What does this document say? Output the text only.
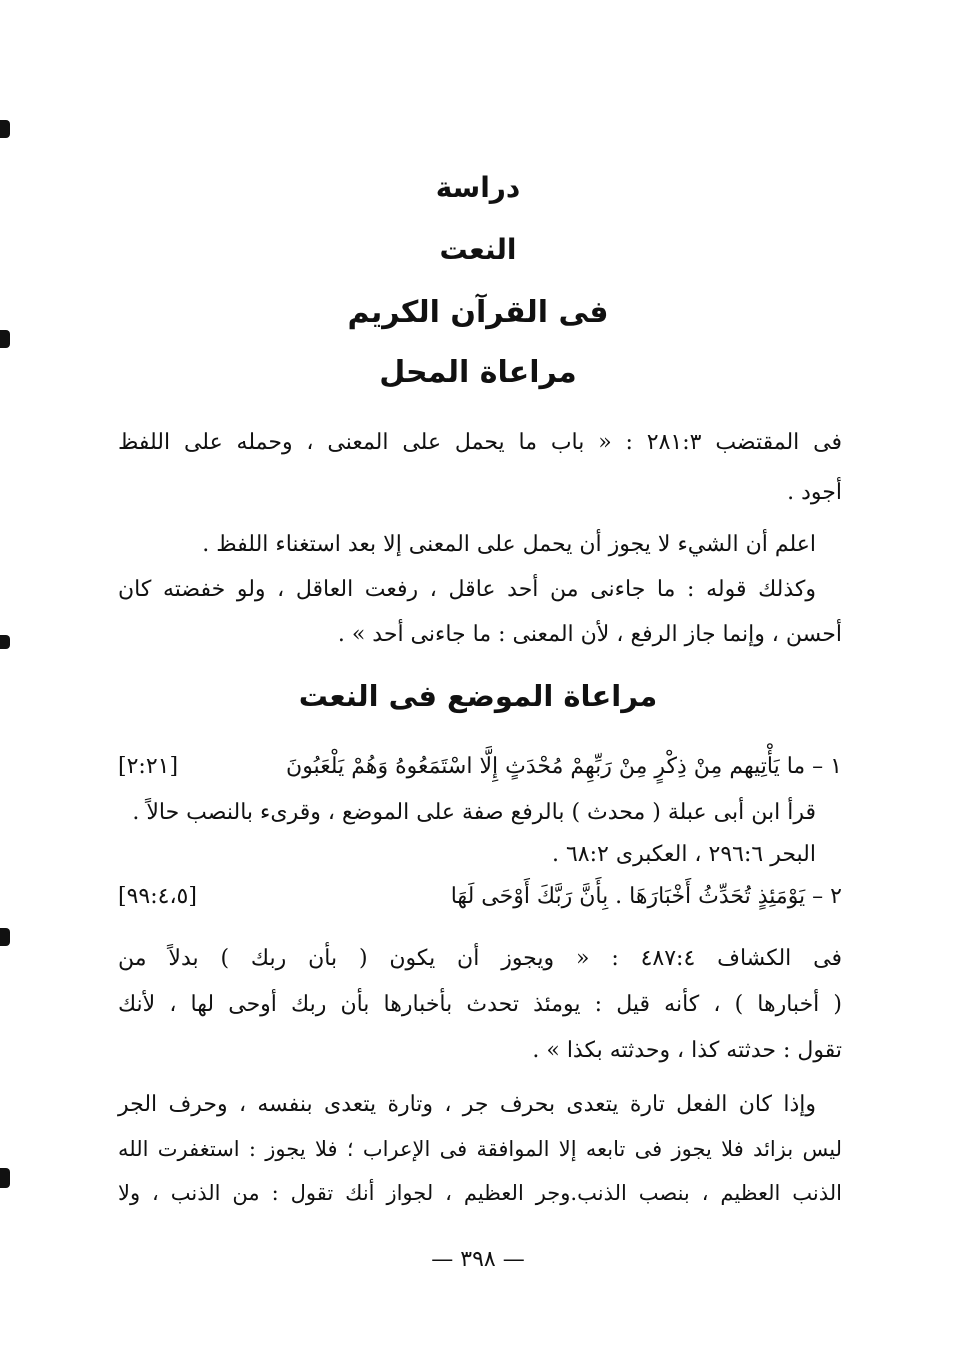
دراسة
النعت
فى القرآن الكريم
مراعاة المحل

فى المقتضب ٢٨١:٣ : « باب ما يحمل على المعنى ، وحمله على اللفظ

أجود .

اعلم أن الشيء لا يجوز أن يحمل على المعنى إلا بعد استغناء اللفظ .

وكذلك قوله : ما جاءنى من أحد عاقل ، رفعت العاقل ، ولو خفضته كان

أحسن ، وإنما جاز الرفع ، لأن المعنى : ما جاءنى أحد » .

مراعاة الموضع فى النعت
١ – ما يَأْتِيهم مِنْ ذِكْرٍ مِنْ رَبِّهِمْ مُحْدَثٍ إِلَّا اسْتَمَعُوهُ وَهُمْ يَلْعَبُونَ
[٢:٢١]

قرأ ابن أبى عبلة ( محدث ) بالرفع صفة على الموضع ، وقرىء بالنصب حالاً .

البحر ٢٩٦:٦ ، العكبرى ٦٨:٢ .

٢ – يَوْمَئِذٍ تُحَدِّثُ أَخْبَارَهَا . بِأَنَّ رَبَّكَ أَوْحَى لَهَا
[٩٩:٤،٥]

فى الكشاف ٤٨٧:٤ : « ويجوز أن يكون ( بأن ربك ) بدلاً من

( أخبارها ) ، كأنه قيل : يومئذ تحدث بأخبارها بأن ربك أوحى لها ، لأنك

تقول : حدثته كذا ، وحدثته بكذا » .

وإذا كان الفعل تارة يتعدى بحرف جر ، وتارة يتعدى بنفسه ، وحرف الجر

ليس بزائد فلا يجوز فى تابعه إلا الموافقة فى الإعراب ؛ فلا يجوز : استغفرت الله

الذنب العظيم ، بنصب الذنب.وجر العظيم ، لجواز أنك تقول : من الذنب ، ولا

— ٣٩٨ —
